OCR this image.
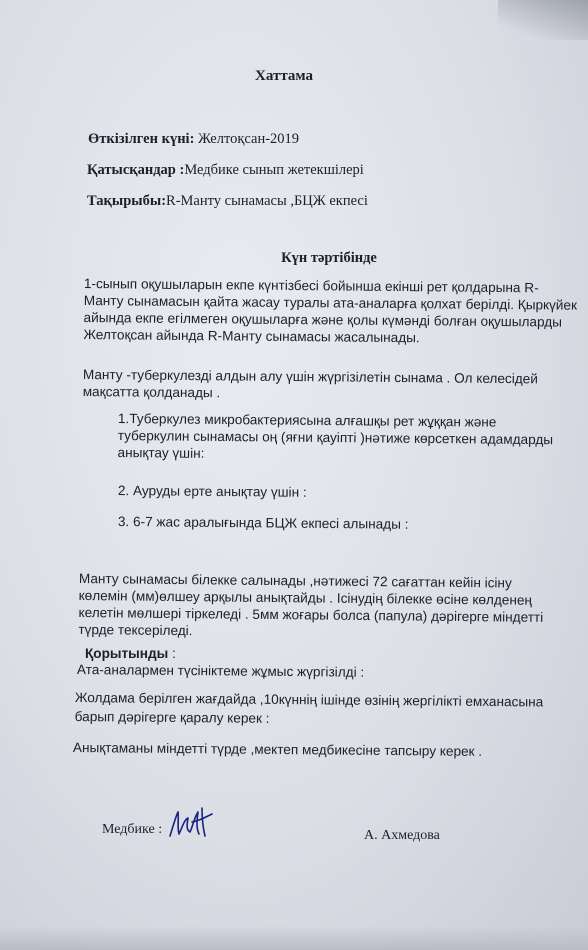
Хаттама
Өткізілген күні: Желтоқсан-2019
Қатысқандар :Медбике сынып жетекшілері
Тақырыбы:R-Манту сынамасы ,БЦЖ екпесі
Күн тәртібінде
1-сынып оқушыларын екпе күнтізбесі бойынша екінші рет қолдарына R-
Манту сынамасын қайта жасау туралы ата-аналарға қолхат берілді. Қыркүйек
айында екпе егілмеген оқушыларға және қолы күмәнді болған оқушыларды
Желтоқсан айында R-Манту сынамасы жасалынады.
Манту -туберкулезді алдын алу үшін жүргізілетін сынама . Ол келесідей
мақсатта қолданады .
1.Туберкулез микробактериясына алғашқы рет жұққан және
туберкулин сынамасы оң (яғни қауіпті )нәтиже көрсеткен адамдарды
анықтау үшін:
2. Ауруды ерте анықтау үшін :
3. 6-7 жас аралығында БЦЖ екпесі алынады :
Манту сынамасы білекке салынады ,нәтижесі 72 сағаттан кейін ісіну
көлемін (мм)өлшеу арқылы анықтайды . Ісінудің білекке өсіне көлденең
келетін мөлшері тіркеледі . 5мм жоғары болса (папула) дәрігерге міндетті
түрде тексеріледі.
Қорытынды :
Ата-аналармен түсініктеме жұмыс жүргізілді :
Жолдама берілген жағдайда ,10күннің ішінде өзінің жергілікті емханасына
барып дәрігерге қаралу керек :
Анықтаманы міндетті түрде ,мектеп медбикесіне тапсыру керек .
Медбике :	А. Ахмедова
